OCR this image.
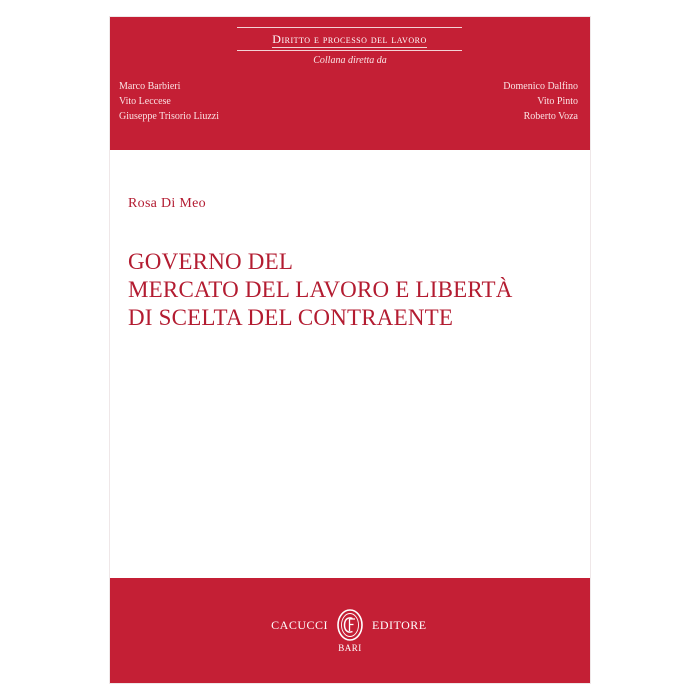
Diritto e processo del lavoro
Collana diretta da
Marco Barbieri
Vito Leccese
Giuseppe Trisorio Liuzzi
Domenico Dalfino
Vito Pinto
Roberto Voza
Rosa Di Meo
GOVERNO DEL
MERCATO DEL LAVORO E LIBERTÀ
DI SCELTA DEL CONTRAENTE
CACUCCI	EDITORE
BARI
